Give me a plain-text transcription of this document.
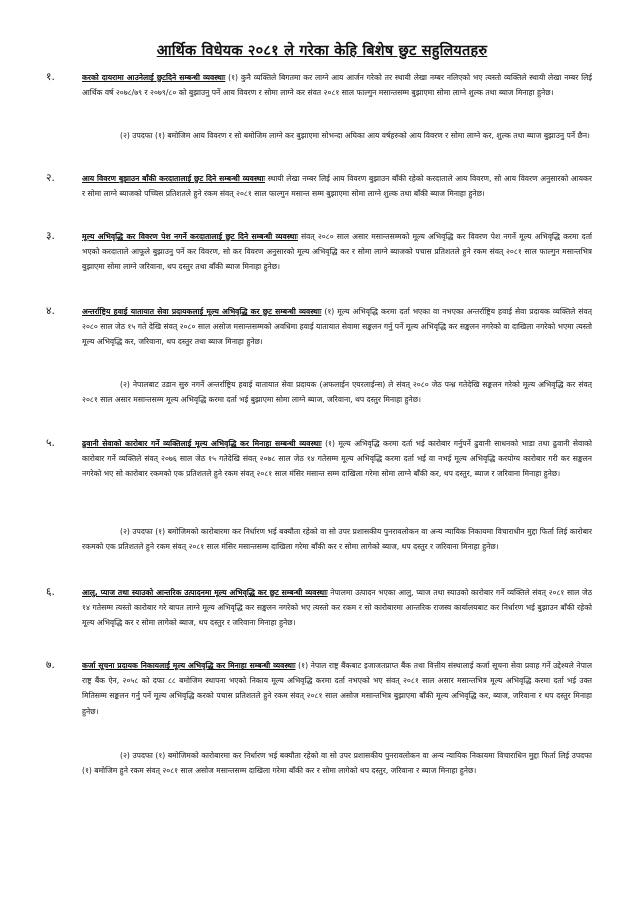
आर्थिक विधेयक २०८१ ले गरेका केहि बिशेष छुट सहुलियतहरु
१.	करको दायरामा आउनेलाई छुटदिने सम्बन्धी व्यवस्थाः (१) कुनै व्यक्तिले बिगतमा कर लाग्ने आय आर्जन गरेको तर स्थायी लेखा नम्बर नलिएको भए त्यस्तो व्यक्तिले स्थायी लेखा नम्बर लिई आर्थिक वर्ष २०७८/७९ र २०७९/८० को बुझाउनु पर्ने आय विवरण र सोमा लाग्ने कर संवत २०८१ साल फाल्गुन मसान्तसम्म बुझाएमा सोमा लाग्ने शुल्क तथा ब्याज मिनाहा हुनेछ।
(२) उपदफा (१) बमोजिम आय विवरण र सो बमोजिम लाग्ने कर बुझाएमा सोभन्दा अघिका आय वर्षहरुको आय विवरण र सोमा लाग्ने कर, शुल्क तथा ब्याज बुझाउनु पर्ने छैन।
२.	आय विवरण बुझाउन बाँकी करदातालाई छुट दिने सम्बन्धी व्यवस्थाः स्थायी लेखा नम्बर लिई आय विवरण बुझाउन बाँकी रहेको करदाताले आय विवरण, सो आय विवरण अनुसारको आयकर र सोमा लाग्ने ब्याजको पच्चिस प्रतिशतले हुने रकम संवत् २०८१ साल फाल्गुन मसान्त सम्म बुझाएमा सोमा लाग्ने शुल्क तथा बाँकी ब्याज मिनाहा हुनेछ।
३.	मूल्य अभिवृद्धि कर विवरण पेश नगर्ने करदातालाई छुट दिने सम्बन्धी व्यवस्थाः संवत् २०८० साल असार मसान्तसम्मको मूल्य अभिवृद्धि कर विवरण पेश नगर्ने मूल्य अभिवृद्धि करमा दर्ता भएको करदाताले आफूले बुझाउनु पर्ने कर विवरण, सो कर विवरण अनुसारको मूल्य अभिवृद्धि कर र सोमा लाग्ने ब्याजको पचास प्रतिशतले हुने रकम संवत् २०८१ साल फाल्गुन मसान्तभित्र बुझाएमा सोमा लाग्ने जरिवाना, थप दस्तुर तथा बाँकी ब्याज मिनाहा हुनेछ।
४.	अन्तर्राष्ट्रिय हवाई यातायात सेवा प्रदायकलाई मूल्य अभिवृद्धि कर छुट सम्बन्धी व्यवस्थाः (१) मूल्य अभिवृद्धि करमा दर्ता भएका वा नभएका अन्तर्राष्ट्रिय हवाई सेवा प्रदायक व्यक्तिले संवत् २०८० साल जेठ १५ गते देखि संवत् २०८० साल असोज मसान्तसम्मको अवधिमा हवाई यातायात सेवामा सङ्कलन गर्नु पर्ने मूल्य अभिवृद्धि कर सङ्कलन नगरेको वा दाखिला नगरेको भएमा त्यस्तो मूल्य अभिवृद्धि कर, जरिवाना, थप दस्तुर तथा ब्याज मिनाहा हुनेछ।
(२) नेपालबाट उडान सुरु नगर्ने अन्तर्राष्ट्रिय हवाई यातायात सेवा प्रदायक (अफलाईन एयरलाईन्स) ले संवत् २०८० जेठ पन्ध्र गतेदेखि सङ्कलन गरेको मूल्य अभिवृद्धि कर संवत् २०८१ साल असार मसान्तसम्म मूल्य अभिवृद्धि करमा दर्ता भई बुझाएमा सोमा लाग्ने ब्याज, जरिवाना, थप दस्तुर मिनाहा हुनेछ।
५.	ढुवानी सेवाको कारोबार गर्ने व्यक्तिलाई मूल्य अभिवृद्धि कर मिनाहा सम्बन्धी व्यवस्थाः (१) मूल्य अभिवृद्धि करमा दर्ता भई कारोबार गर्नुपर्ने ढुवानी साधनको भाडा तथा ढुवानी सेवाको कारोबार गर्ने व्यक्तिले संवत् २०७६ साल जेठ १५ गतेदेखि संवत् २०७८ साल जेठ १४ गतेसम्म मूल्य अभिवृद्धि करमा दर्ता भई वा नभई मूल्य अभिवृद्धि करयोग्य कारोबार गरी कर सङ्कलन नगरेको भए सो कारोबार रकमको एक प्रतिशतले हुने रकम संवत् २०८१ साल मंसिर मसान्त सम्म दाखिला गरेमा सोमा लाग्ने बाँकी कर, थप दस्तुर, ब्याज र जरिवाना मिनाहा हुनेछ।
(२) उपदफा (१) बमोजिमको कारोबारमा कर निर्धारण भई बक्यौता रहेको वा सो उपर प्रशासकीय पुनरावलोकन वा अन्य न्यायिक निकायमा विचाराधीन मुद्दा फिर्ता लिई कारोबार रकमको एक प्रतिशतले हुने रकम संवत् २०८१ साल मंसिर मसान्तसम्म दाखिला गरेमा बाँकी कर र सोमा लागेको ब्याज, थप दस्तुर र जरिवाना मिनाहा हुनेछ।
६.	आलु, प्याज तथा स्याउको आन्तरिक उत्पादनमा मूल्य अभिवृद्धि कर छुट सम्बन्धी व्यवस्थाः नेपालमा उत्पादन भएका आलु, प्याज तथा स्याउको कारोबार गर्ने व्यक्तिले संवत् २०८१ साल जेठ १४ गतेसम्म त्यस्तो कारोबार गरे बापत लाग्ने मूल्य अभिवृद्धि कर सङ्कलन नगरेको भए त्यस्तो कर रकम र सो कारोबारमा आन्तरिक राजस्व कार्यालयबाट कर निर्धारण भई बुझाउन बाँकी रहेको मूल्य अभिवृद्धि कर र सोमा लागेको ब्याज, थप दस्तुर र जरिवाना मिनाहा हुनेछ।
७.	कर्जा सूचना प्रदायक निकायलाई मूल्य अभिवृद्धि कर मिनाहा सम्बन्धी व्यवस्थाः (१) नेपाल राष्ट्र बैंकबाट इजाजतप्राप्त बैंक तथा वित्तीय संस्थालाई कर्जा सूचना सेवा प्रवाह गर्ने उद्देश्यले नेपाल राष्ट्र बैंक ऐन, २०५८ को दफा ८८ बमोजिम स्थापना भएको निकाय मूल्य अभिवृद्धि करमा दर्ता नभएको भए संवत् २०८१ साल असार मसान्तभित्र मूल्य अभिवृद्धि करमा दर्ता भई उक्त मितिसम्म सङ्कलन गर्नु पर्ने मूल्य अभिवृद्धि करको पचास प्रतिशतले हुने रकम संवत् २०८१ साल असोज मसान्तभित्र बुझाएमा बाँकी मूल्य अभिवृद्धि कर, ब्याज, जरिवाना र थप दस्तुर मिनाहा हुनेछ।
(२) उपदफा (१) बमोजिमको कारोबारमा कर निर्धारण भई बक्यौता रहेको वा सो उपर प्रशासकीय पुनरावलोकन वा अन्य न्यायिक निकायमा विचाराधिन मुद्दा फिर्ता लिई उपदफा (१) बमोजिम हुने रकम संवत् २०८१ साल असोज मसान्तसम्म दाखिला गरेमा बाँकी कर र सोमा लागेको थप दस्तुर, जरिवाना र ब्याज मिनाहा हुनेछ।
